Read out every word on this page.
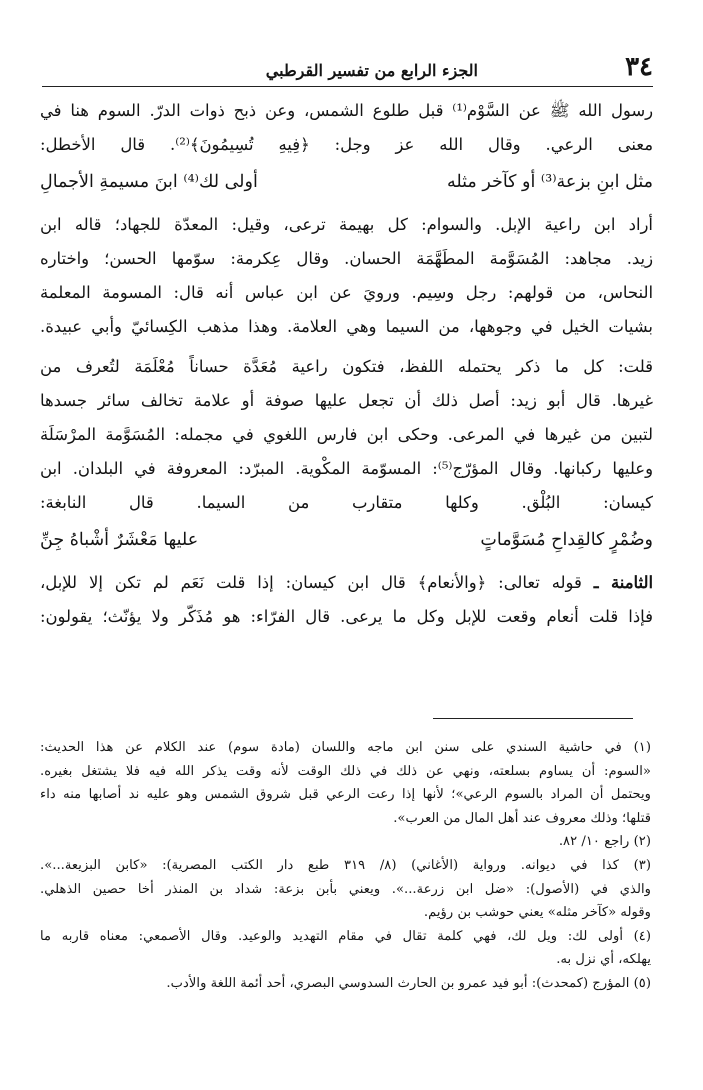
٣٤
الجزء الرابع من تفسير القرطبي
رسول الله ﷺ عن السَّوْم⁽¹⁾ قبل طلوع الشمس، وعن ذبح ذوات الدرّ. السوم هنا في
معنى الرعي. وقال الله عز وجل: ﴿فِيهِ تُسِيمُونَ﴾⁽²⁾. قال الأخطل:
مثل ابنِ بزعة⁽³⁾ أو كآخر مثله
أولى لك⁽⁴⁾ ابنَ مسيمةِ الأجمالِ
أراد ابن راعية الإبل. والسوام: كل بهيمة ترعى، وقيل: المعدّة للجهاد؛ قاله ابن
زيد. مجاهد: المُسَوَّمة المطَهَّمَة الحسان. وقال عِكرمة: سوّمها الحسن؛ واختاره
النحاس، من قولهم: رجل وسِيم. ورويَ عن ابن عباس أنه قال: المسومة المعلمة
بشيات الخيل في وجوهها، من السيما وهي العلامة. وهذا مذهب الكِسائيّ وأبي عبيدة.
قلت: كل ما ذكر يحتمله اللفظ، فتكون راعية مُعَدَّة حساناً مُعْلَمَة لتُعرف من
غيرها. قال أبو زيد: أصل ذلك أن تجعل عليها صوفة أو علامة تخالف سائر جسدها
لتبين من غيرها في المرعى. وحكى ابن فارس اللغوي في مجمله: المُسَوَّمة المرْسَلَة
وعليها ركبانها. وقال المؤرّج⁽⁵⁾: المسوّمة المكْوية. المبرّد: المعروفة في البلدان. ابن
كيسان: البُلْق. وكلها متقارب من السيما. قال النابغة:
وضُمْرٍ كالقِداحِ مُسَوَّماتٍ
عليها مَعْشَرٌ أشْباهُ جِنِّ
الثامنة ـ قوله تعالى: ﴿والأنعام﴾ قال ابن كيسان: إذا قلت نَعَم لم تكن إلا للإبل،
فإذا قلت أنعام وقعت للإبل وكل ما يرعى. قال الفرّاء: هو مُذَكّر ولا يؤنّث؛ يقولون:
(١) في حاشية السندي على سنن ابن ماجه واللسان (مادة سوم) عند الكلام عن هذا الحديث:
«السوم: أن يساوم بسلعته، ونهي عن ذلك في ذلك الوقت لأنه وقت يذكر الله فيه فلا يشتغل بغيره.
ويحتمل أن المراد بالسوم الرعي»؛ لأنها إذا رعت الرعي قبل شروق الشمس وهو عليه ند أصابها منه داء
قتلها؛ وذلك معروف عند أهل المال من العرب».
(٢) راجع ١٠/ ٨٢.
(٣) كذا في ديوانه. ورواية (الأغاني) (٨/ ٣١٩ طبع دار الكتب المصرية): «كابن البزيعة...».
والذي في (الأصول): «ضل ابن زرعة...». ويعني بأبن بزعة: شداد بن المنذر أخا حصين الذهلي.
وقوله «كآخر مثله» يعني حوشب بن رؤيم.
(٤) أولى لك: ويل لك، فهي كلمة تقال في مقام التهديد والوعيد. وقال الأصمعي: معناه قاربه ما
يهلكه، أي نزل به.
(٥) المؤرج (كمحدث): أبو فيد عمرو بن الحارث السدوسي البصري، أحد أئمة اللغة والأدب.
